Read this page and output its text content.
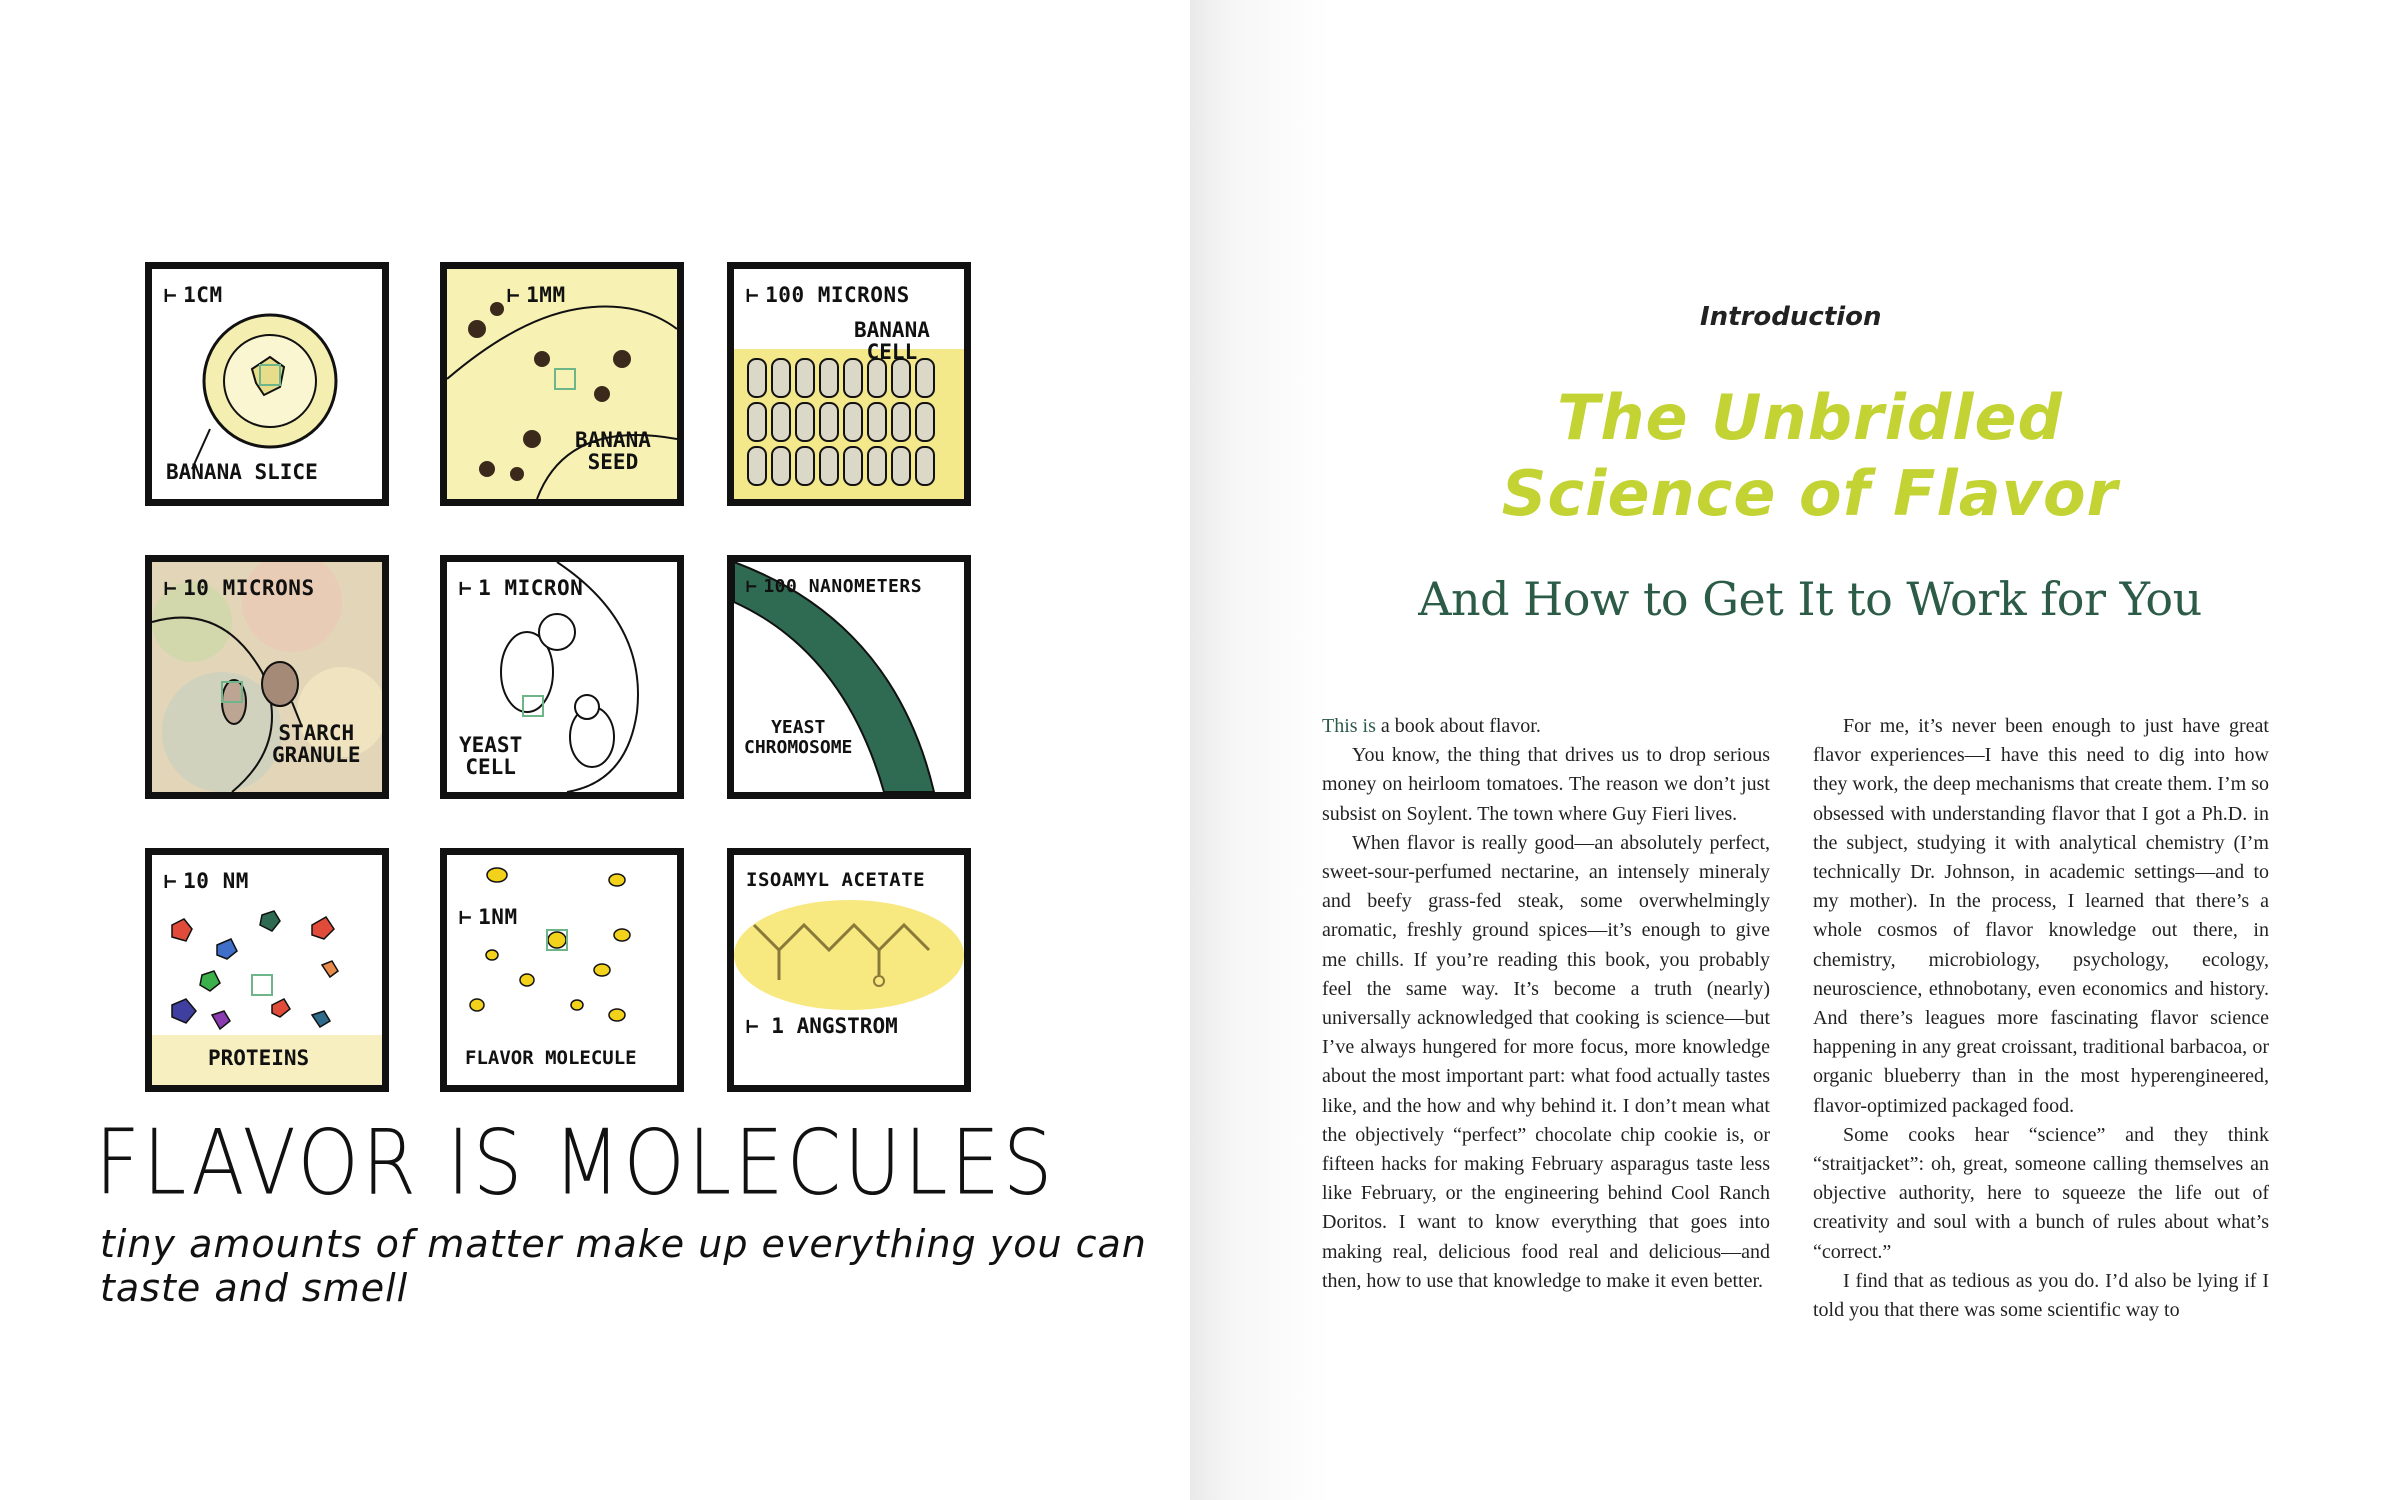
⊢ 1CM
BANANA SLICE
⊢ 1MM
BANANA
SEED
⊢ 100 MICRONS
BANANA
CELL
⊢ 10 MICRONS
STARCH
GRANULE
⊢ 1 MICRON
YEAST
CELL
⊢ 100 NANOMETERS
YEAST
CHROMOSOME
⊢ 10 NM
PROTEINS
⊢ 1NM
FLAVOR MOLECULE
ISOAMYL ACETATE
⊢ 1 ANGSTROM
FLAVOR IS MOLECULES
tiny amounts of matter make up everything you can taste and smell
Introduction
The Unbridled
Science of Flavor
And How to Get It to Work for You

This is a book about flavor.

You know, the thing that drives us to drop serious money on heirloom tomatoes. The reason we don’t just subsist on Soylent. The town where Guy Fieri lives.

When flavor is really good—an absolutely perfect, sweet-sour-perfumed nectarine, an intensely mineraly and beefy grass-fed steak, some overwhelmingly aromatic, freshly ground spices—it’s enough to give me chills. If you’re reading this book, you probably feel the same way. It’s become a truth (nearly) universally acknowledged that cooking is science—but I’ve always hungered for more focus, more knowledge about the most important part: what food actually tastes like, and the how and why behind it. I don’t mean what the objectively “perfect” chocolate chip cookie is, or fifteen hacks for making February asparagus taste less like February, or the engineering behind Cool Ranch Doritos. I want to know everything that goes into making real, delicious food real and delicious—and then, how to use that knowledge to make it even better.

For me, it’s never been enough to just have great flavor experiences—I have this need to dig into how they work, the deep mechanisms that create them. I’m so obsessed with understanding flavor that I got a Ph.D. in the subject, studying it with analytical chemistry (I’m technically Dr. Johnson, in academic settings—and to my mother). In the process, I learned that there’s a whole cosmos of flavor knowledge out there, in chemistry, microbiology, psychology, ecology, neuroscience, ethnobotany, even economics and history. And there’s leagues more fascinating flavor science happening in any great croissant, traditional barbacoa, or organic blueberry than in the most hyperengineered, flavor-optimized packaged food.

Some cooks hear “science” and they think “straitjacket”: oh, great, someone calling themselves an objective authority, here to squeeze the life out of creativity and soul with a bunch of rules about what’s “correct.”

I find that as tedious as you do. I’d also be lying if I told you that there was some scientific way to
